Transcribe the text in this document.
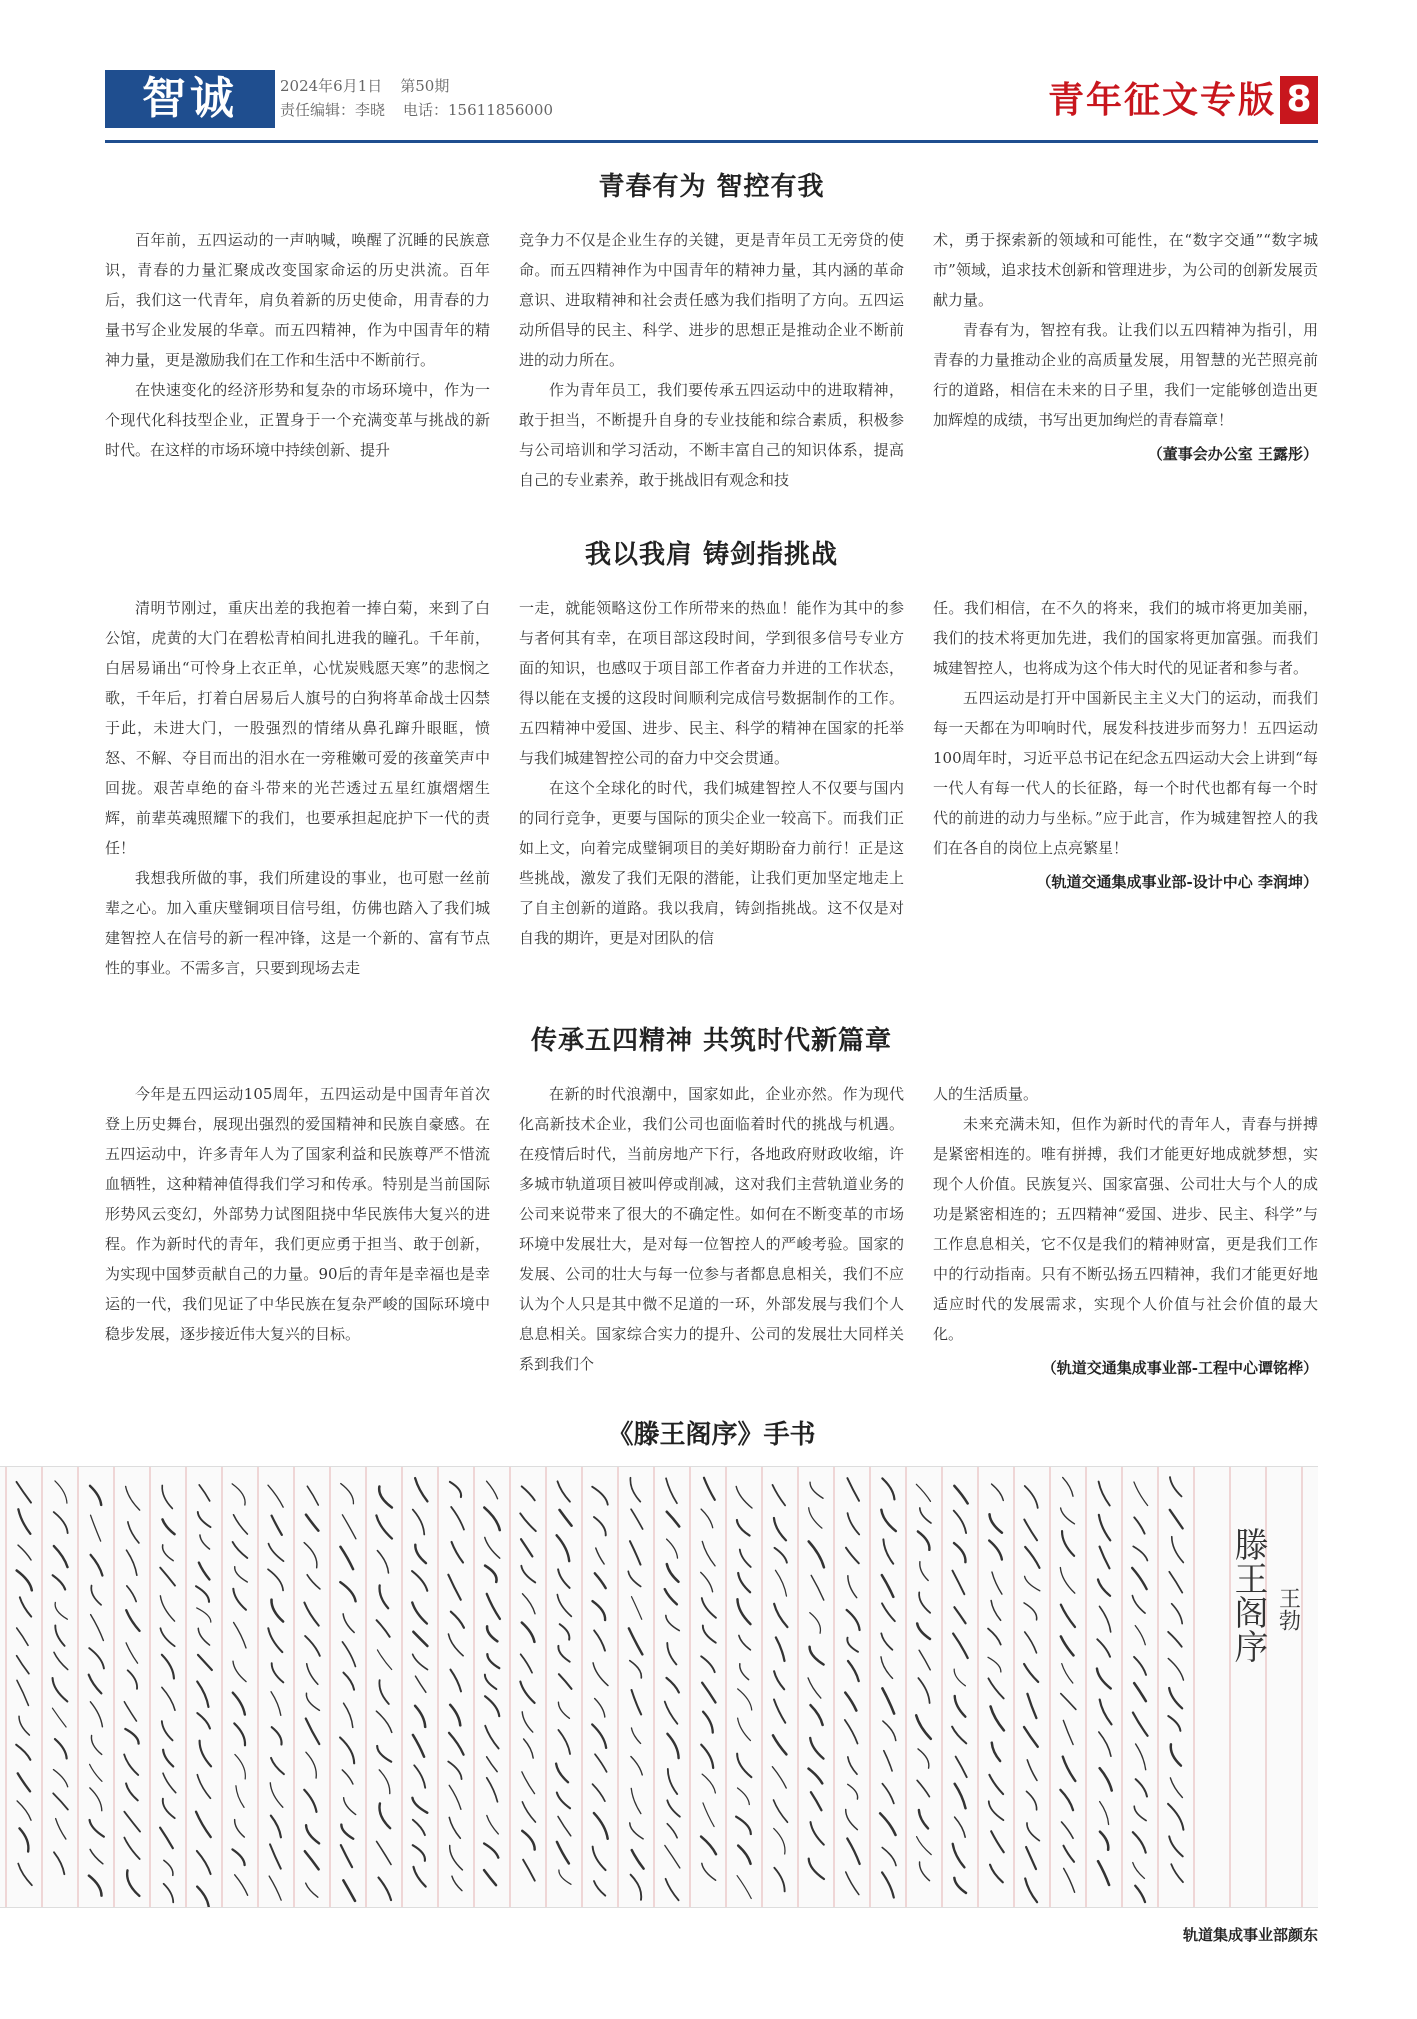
智诚	2024年6月1日 第50期
责任编辑：李晓 电话：15611856000	青年征文专版 8
青春有为 智控有我

百年前，五四运动的一声呐喊，唤醒了沉睡的民族意识，青春的力量汇聚成改变国家命运的历史洪流。百年后，我们这一代青年，肩负着新的历史使命，用青春的力量书写企业发展的华章。而五四精神，作为中国青年的精神力量，更是激励我们在工作和生活中不断前行。

在快速变化的经济形势和复杂的市场环境中，作为一个现代化科技型企业，正置身于一个充满变革与挑战的新时代。在这样的市场环境中持续创新、提升

竞争力不仅是企业生存的关键，更是青年员工无旁贷的使命。而五四精神作为中国青年的精神力量，其内涵的革命意识、进取精神和社会责任感为我们指明了方向。五四运动所倡导的民主、科学、进步的思想正是推动企业不断前进的动力所在。

作为青年员工，我们要传承五四运动中的进取精神，敢于担当，不断提升自身的专业技能和综合素质，积极参与公司培训和学习活动，不断丰富自己的知识体系，提高自己的专业素养，敢于挑战旧有观念和技

术，勇于探索新的领域和可能性，在“数字交通”“数字城市”领域，追求技术创新和管理进步，为公司的创新发展贡献力量。

青春有为，智控有我。让我们以五四精神为指引，用青春的力量推动企业的高质量发展，用智慧的光芒照亮前行的道路，相信在未来的日子里，我们一定能够创造出更加辉煌的成绩，书写出更加绚烂的青春篇章！

（董事会办公室 王露彤）
我以我肩 铸剑指挑战

清明节刚过，重庆出差的我抱着一捧白菊，来到了白公馆，虎黄的大门在碧松青柏间扎进我的瞳孔。千年前，白居易诵出“可怜身上衣正单，心忧炭贱愿天寒”的悲悯之歌，千年后，打着白居易后人旗号的白狗将革命战士囚禁于此，未进大门，一股强烈的情绪从鼻孔蹿升眼眶，愤怒、不解、夺目而出的泪水在一旁稚嫩可爱的孩童笑声中回拢。艰苦卓绝的奋斗带来的光芒透过五星红旗熠熠生辉，前辈英魂照耀下的我们，也要承担起庇护下一代的责任！

我想我所做的事，我们所建设的事业，也可慰一丝前辈之心。加入重庆璧铜项目信号组，仿佛也踏入了我们城建智控人在信号的新一程冲锋，这是一个新的、富有节点性的事业。不需多言，只要到现场去走

一走，就能领略这份工作所带来的热血！能作为其中的参与者何其有幸，在项目部这段时间，学到很多信号专业方面的知识，也感叹于项目部工作者奋力并进的工作状态，得以能在支援的这段时间顺利完成信号数据制作的工作。五四精神中爱国、进步、民主、科学的精神在国家的托举与我们城建智控公司的奋力中交会贯通。

在这个全球化的时代，我们城建智控人不仅要与国内的同行竞争，更要与国际的顶尖企业一较高下。而我们正如上文，向着完成璧铜项目的美好期盼奋力前行！正是这些挑战，激发了我们无限的潜能，让我们更加坚定地走上了自主创新的道路。我以我肩，铸剑指挑战。这不仅是对自我的期许，更是对团队的信

任。我们相信，在不久的将来，我们的城市将更加美丽，我们的技术将更加先进，我们的国家将更加富强。而我们城建智控人，也将成为这个伟大时代的见证者和参与者。

五四运动是打开中国新民主主义大门的运动，而我们每一天都在为叩响时代，展发科技进步而努力！五四运动100周年时，习近平总书记在纪念五四运动大会上讲到“每一代人有每一代人的长征路，每一个时代也都有每一个时代的前进的动力与坐标。”应于此言，作为城建智控人的我们在各自的岗位上点亮繁星！

（轨道交通集成事业部-设计中心 李润坤）
传承五四精神 共筑时代新篇章

今年是五四运动105周年，五四运动是中国青年首次登上历史舞台，展现出强烈的爱国精神和民族自豪感。在五四运动中，许多青年人为了国家利益和民族尊严不惜流血牺牲，这种精神值得我们学习和传承。特别是当前国际形势风云变幻，外部势力试图阻挠中华民族伟大复兴的进程。作为新时代的青年，我们更应勇于担当、敢于创新，为实现中国梦贡献自己的力量。90后的青年是幸福也是幸运的一代，我们见证了中华民族在复杂严峻的国际环境中稳步发展，逐步接近伟大复兴的目标。

在新的时代浪潮中，国家如此，企业亦然。作为现代化高新技术企业，我们公司也面临着时代的挑战与机遇。在疫情后时代，当前房地产下行，各地政府财政收缩，许多城市轨道项目被叫停或削减，这对我们主营轨道业务的公司来说带来了很大的不确定性。如何在不断变革的市场环境中发展壮大，是对每一位智控人的严峻考验。国家的发展、公司的壮大与每一位参与者都息息相关，我们不应认为个人只是其中微不足道的一环，外部发展与我们个人息息相关。国家综合实力的提升、公司的发展壮大同样关系到我们个

人的生活质量。

未来充满未知，但作为新时代的青年人，青春与拼搏是紧密相连的。唯有拼搏，我们才能更好地成就梦想，实现个人价值。民族复兴、国家富强、公司壮大与个人的成功是紧密相连的；五四精神“爱国、进步、民主、科学”与工作息息相关，它不仅是我们的精神财富，更是我们工作中的行动指南。只有不断弘扬五四精神，我们才能更好地适应时代的发展需求，实现个人价值与社会价值的最大化。

（轨道交通集成事业部-工程中心谭铭桦）
《滕王阁序》手书
滕王阁序 王勃
轨道集成事业部颜东
